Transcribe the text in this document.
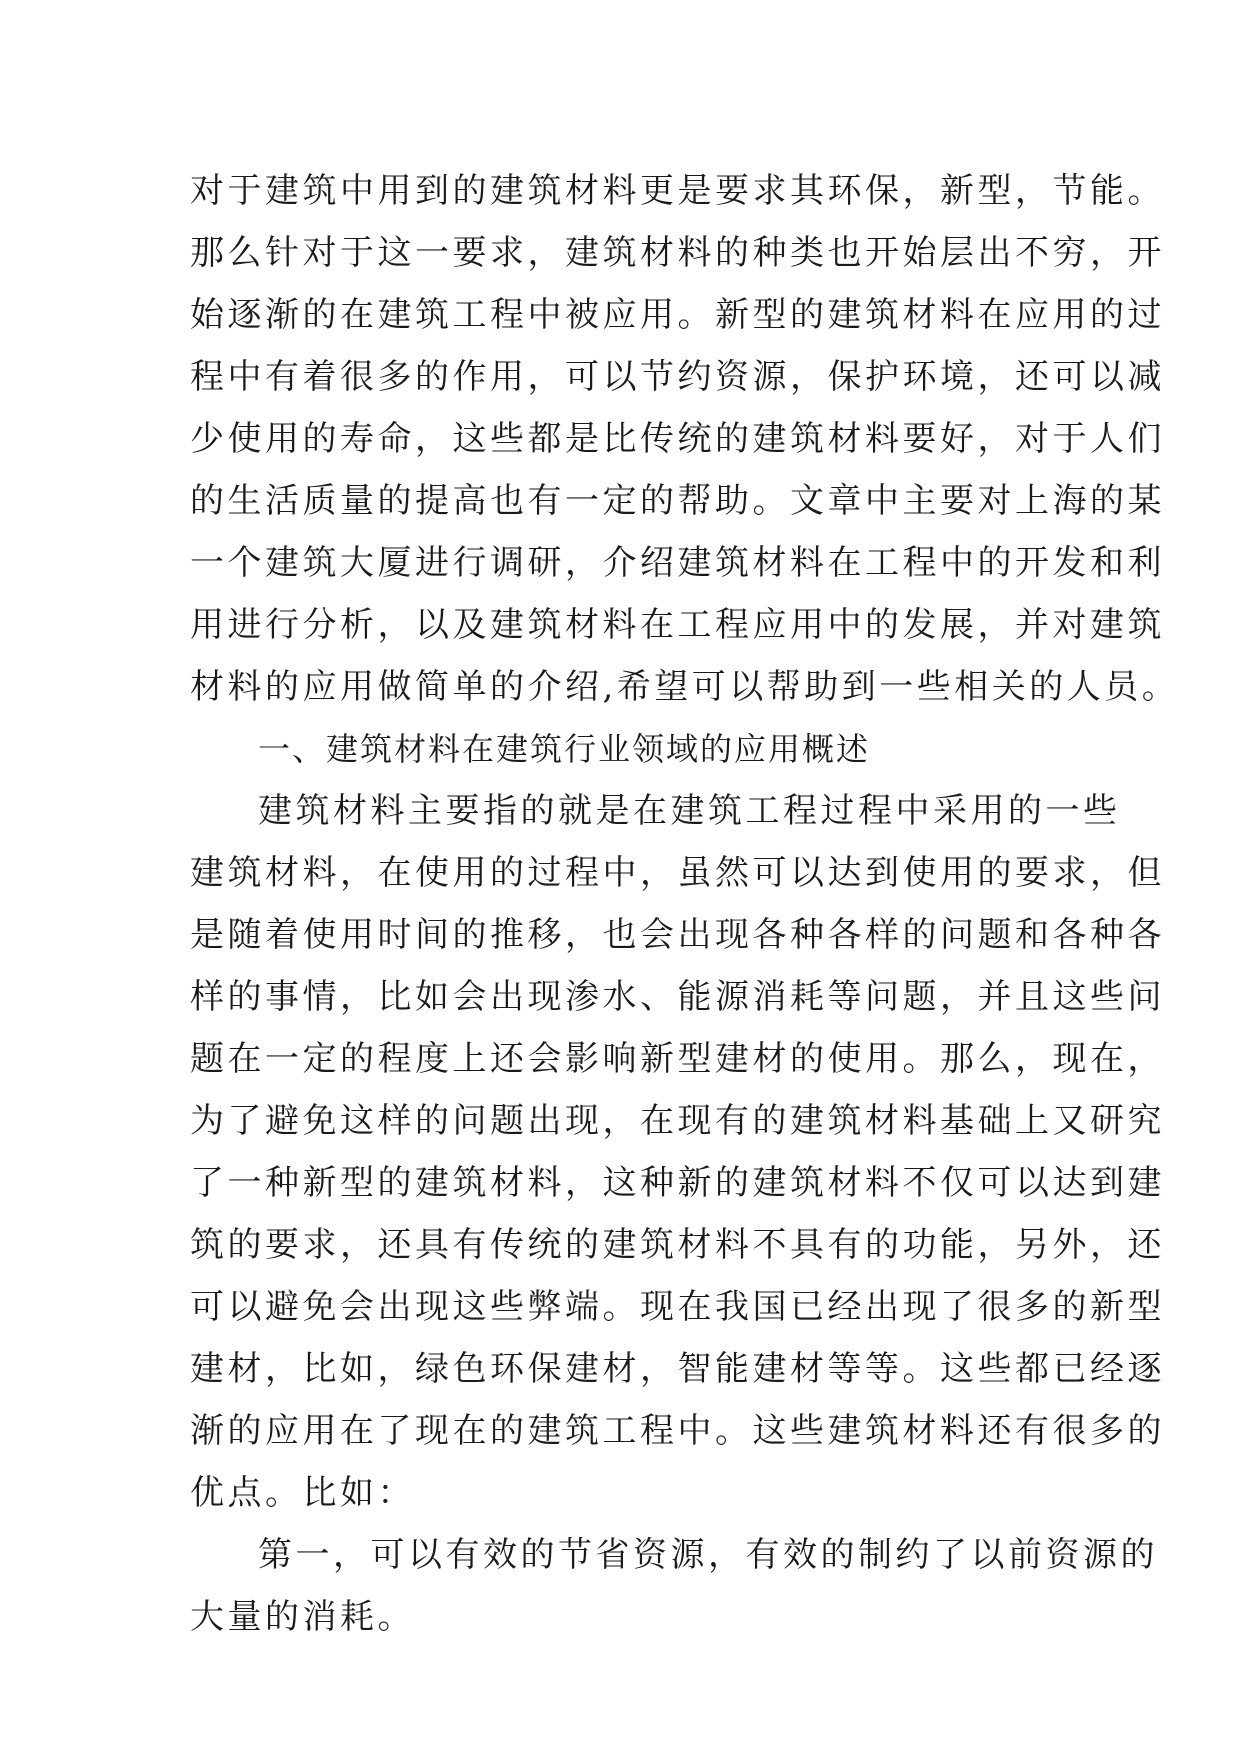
对于建筑中用到的建筑材料更是要求其环保，新型，节能。
那么针对于这一要求，建筑材料的种类也开始层出不穷，开
始逐渐的在建筑工程中被应用。新型的建筑材料在应用的过
程中有着很多的作用，可以节约资源，保护环境，还可以减
少使用的寿命，这些都是比传统的建筑材料要好，对于人们
的生活质量的提高也有一定的帮助。文章中主要对上海的某
一个建筑大厦进行调研，介绍建筑材料在工程中的开发和利
用进行分析，以及建筑材料在工程应用中的发展，并对建筑
材料的应用做简单的介绍,希望可以帮助到一些相关的人员。
一、建筑材料在建筑行业领域的应用概述
建筑材料主要指的就是在建筑工程过程中采用的一些
建筑材料，在使用的过程中，虽然可以达到使用的要求，但
是随着使用时间的推移，也会出现各种各样的问题和各种各
样的事情，比如会出现渗水、能源消耗等问题，并且这些问
题在一定的程度上还会影响新型建材的使用。那么，现在，
为了避免这样的问题出现，在现有的建筑材料基础上又研究
了一种新型的建筑材料，这种新的建筑材料不仅可以达到建
筑的要求，还具有传统的建筑材料不具有的功能，另外，还
可以避免会出现这些弊端。现在我国已经出现了很多的新型
建材，比如，绿色环保建材，智能建材等等。这些都已经逐
渐的应用在了现在的建筑工程中。这些建筑材料还有很多的
优点。比如：
第一，可以有效的节省资源，有效的制约了以前资源的
大量的消耗。
